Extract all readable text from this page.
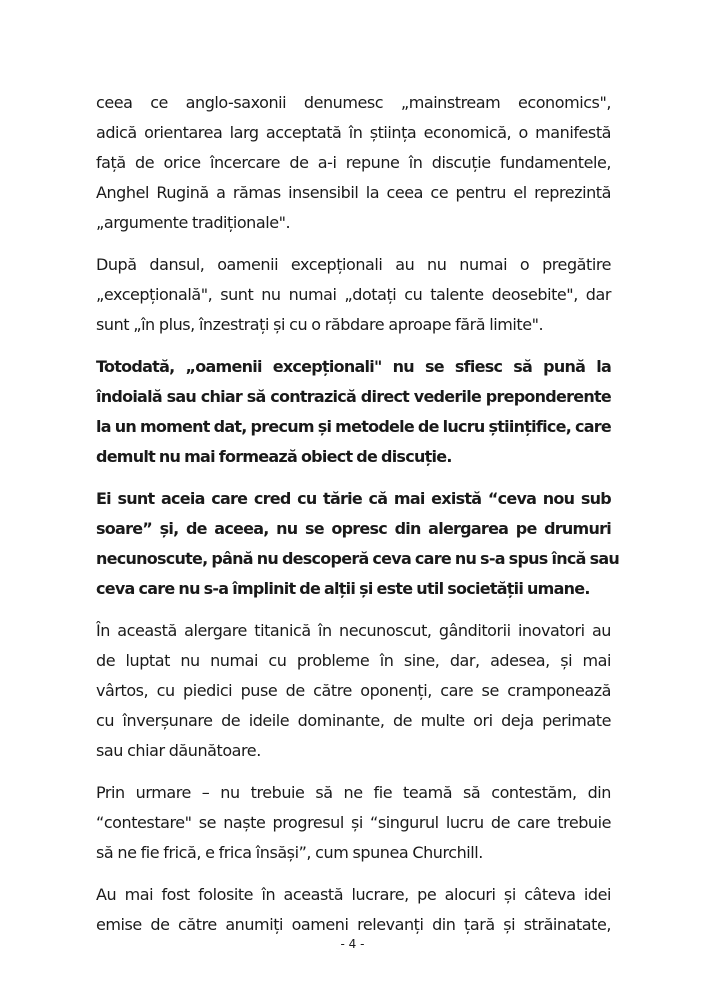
ceea ce anglo-saxonii denumesc „mainstream economics",
adică orientarea larg acceptată în știința economică, o manifestă
față de orice încercare de a-i repune în discuție fundamentele,
Anghel Rugină a rămas insensibil la ceea ce pentru el reprezintă
„argumente tradiționale".
După dansul, oamenii excepționali au nu numai o pregătire
„excepțională", sunt nu numai „dotați cu talente deosebite", dar
sunt „în plus, înzestrați și cu o răbdare aproape fără limite".
Totodată, „oamenii excepționali" nu se sfiesc să pună la
îndoială sau chiar să contrazică direct vederile preponderente
la un moment dat, precum și metodele de lucru științifice, care
demult nu mai formează obiect de discuție.
Ei sunt aceia care cred cu tărie că mai există “ceva nou sub
soare” și, de aceea, nu se opresc din alergarea pe drumuri
necunoscute, până nu descoperă ceva care nu s-a spus încă sau
ceva care nu s-a împlinit de alții și este util societății umane.
În această alergare titanică în necunoscut, gânditorii inovatori au
de luptat nu numai cu probleme în sine, dar, adesea, și mai
vârtos, cu piedici puse de către oponenți, care se cramponează
cu înverșunare de ideile dominante, de multe ori deja perimate
sau chiar dăunătoare.
Prin urmare – nu trebuie să ne fie teamă să contestăm, din
“contestare" se naște progresul și “singurul lucru de care trebuie
să ne fie frică, e frica însăși”, cum spunea Churchill.
Au mai fost folosite în această lucrare, pe alocuri și câteva idei
emise de către anumiți oameni relevanți din țară și străinatate,
- 4 -
